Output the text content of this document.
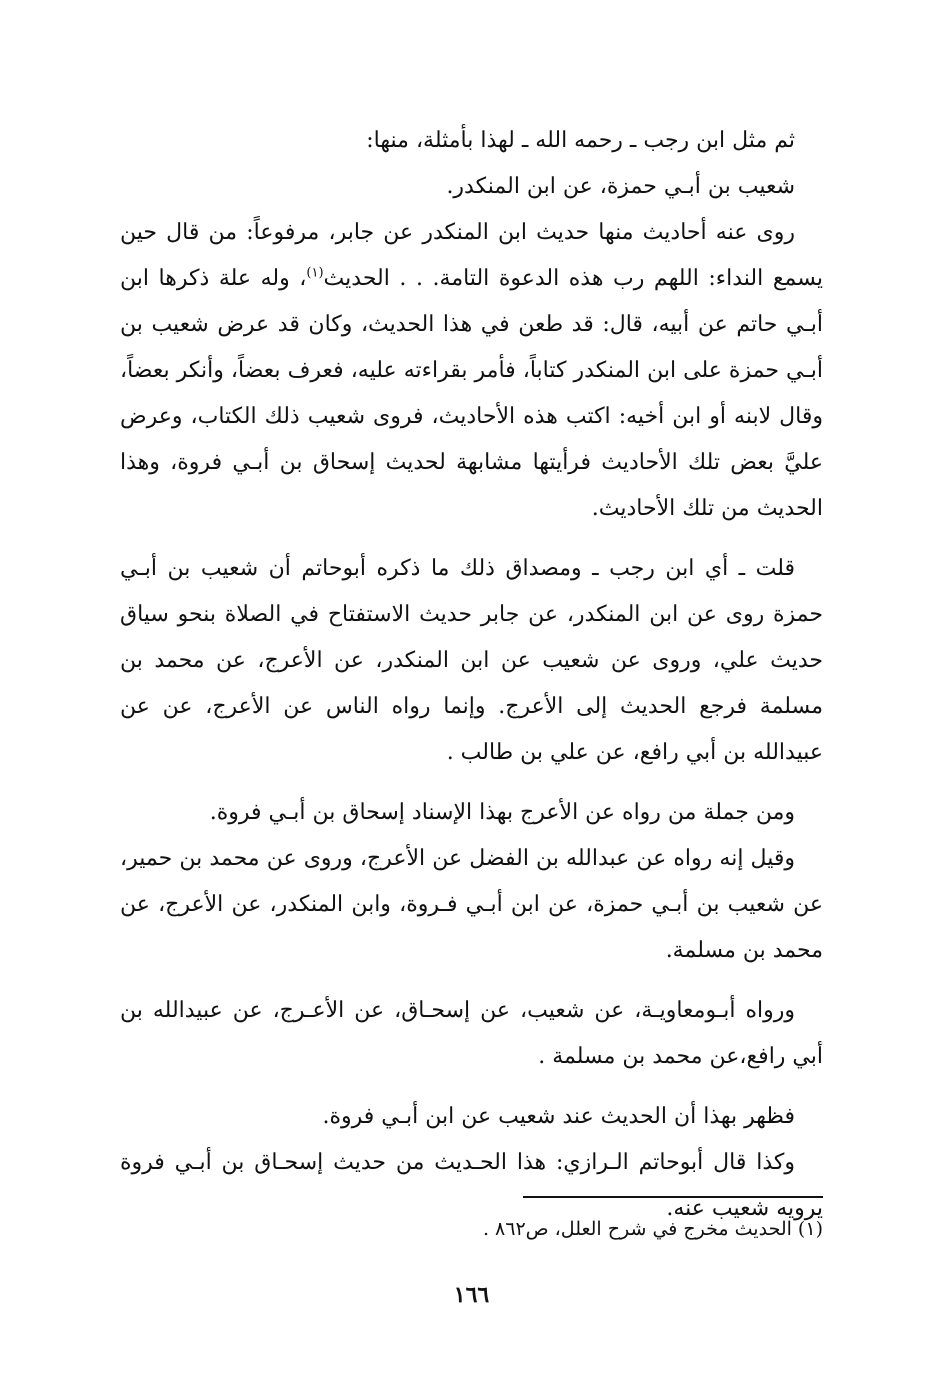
ثم مثل ابن رجب ـ رحمه الله ـ لهذا بأمثلة، منها:

شعيب بن أبـي حمزة، عن ابن المنكدر.

روى عنه أحاديث منها حديث ابن المنكدر عن جابر، مرفوعاً: من قال حين يسمع النداء: اللهم رب هذه الدعوة التامة. . . الحديث$^{(١)}$، وله علة ذكرها ابن أبـي حاتم عن أبيه، قال: قد طعن في هذا الحديث، وكان قد عرض شعيب بن أبـي حمزة على ابن المنكدر كتاباً، فأمر بقراءته عليه، فعرف بعضاً، وأنكر بعضاً، وقال لابنه أو ابن أخيه: اكتب هذه الأحاديث، فروى شعيب ذلك الكتاب، وعرض عليَّ بعض تلك الأحاديث فرأيتها مشابهة لحديث إسحاق بن أبـي فروة، وهذا الحديث من تلك الأحاديث.

قلت ـ أي ابن رجب ـ ومصداق ذلك ما ذكره أبوحاتم أن شعيب بن أبـي حمزة روى عن ابن المنكدر، عن جابر حديث الاستفتاح في الصلاة بنحو سياق حديث علي، وروى عن شعيب عن ابن المنكدر، عن الأعرج، عن محمد بن مسلمة فرجع الحديث إلى الأعرج. وإنما رواه الناس عن الأعرج، عن عن عبيدالله بن أبي رافع، عن علي بن طالب .

ومن جملة من رواه عن الأعرج بهذا الإسناد إسحاق بن أبـي فروة.

وقيل إنه رواه عن عبدالله بن الفضل عن الأعرج، وروى عن محمد بن حمير، عن شعيب بن أبـي حمزة، عن ابن أبـي فـروة، وابن المنكدر، عن الأعرج، عن محمد بن مسلمة.

ورواه أبـومعاويـة، عن شعيب، عن إسحـاق، عن الأعـرج، عن عبيدالله بن أبي رافع،عن محمد بن مسلمة .

فظهر بهذا أن الحديث عند شعيب عن ابن أبـي فروة.

وكذا قال أبوحاتم الـرازي: هذا الحـديث من حديث إسحـاق بن أبـي فروة يرويه شعيب عنه.

(١) الحديث مخرج في شرح العلل، ص٨٦٢ .
١٦٦
